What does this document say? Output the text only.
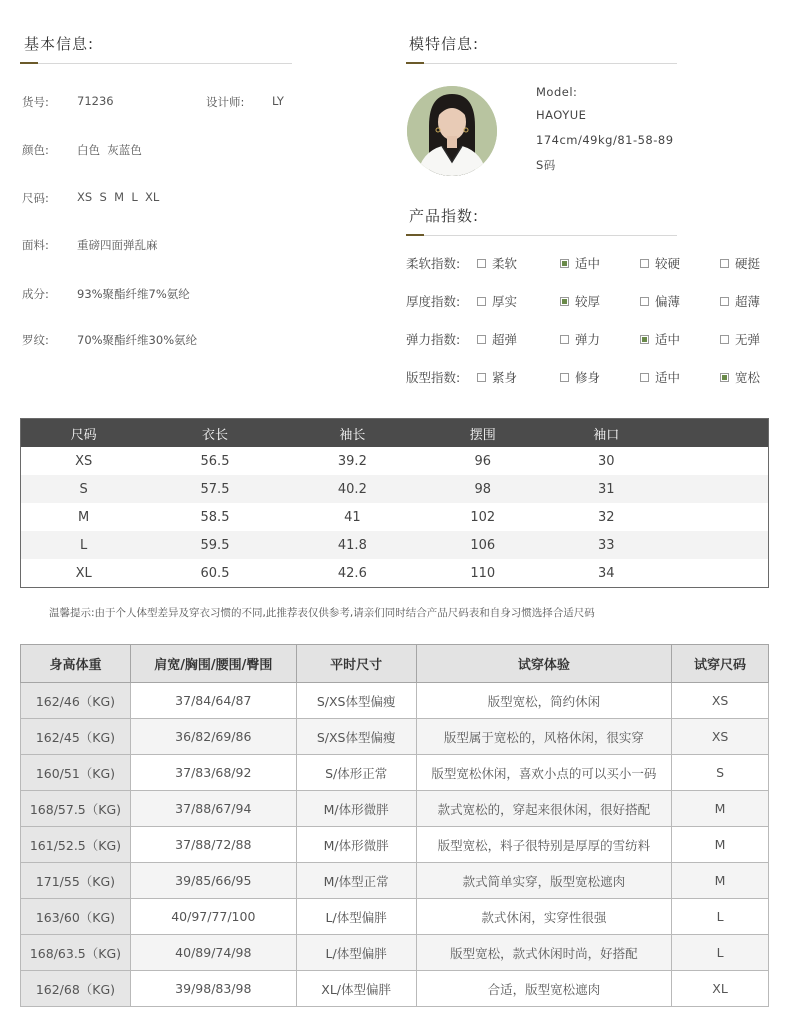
基本信息:
货号: 71236
颜色: 白色  灰蓝色
尺码: XS  S  M  L  XL
面料: 重磅四面弹乱麻
成分: 93%聚酯纤维7%氨纶
罗纹: 70%聚酯纤维30%氨纶
设计师: LY
模特信息:
Model:
HAOYUE
174cm/49kg/81-58-89
S码
产品指数:
柔软指数:	柔软	适中	较硬	硬挺
厚度指数:	厚实	较厚	偏薄	超薄
弹力指数:	超弹	弹力	适中	无弹
版型指数:	紧身	修身	适中	宽松
尺码	衣长	袖长	摆围	袖口	
XS	56.5	39.2	96	30	
S	57.5	40.2	98	31	
M	58.5	41	102	32	
L	59.5	41.8	106	33	
XL	60.5	42.6	110	34	
温馨提示:由于个人体型差异及穿衣习惯的不同,此推荐表仅供参考,请亲们同时结合产品尺码表和自身习惯选择合适尺码
身高体重	肩宽/胸围/腰围/臀围	平时尺寸	试穿体验	试穿尺码
162/46（KG)	37/84/64/87	S/XS体型偏瘦	版型宽松，简约休闲	XS
162/45（KG)	36/82/69/86	S/XS体型偏瘦	版型属于宽松的，风格休闲，很实穿	XS
160/51（KG)	37/83/68/92	S/体形正常	版型宽松休闲，喜欢小点的可以买小一码	S
168/57.5（KG)	37/88/67/94	M/体形微胖	款式宽松的，穿起来很休闲，很好搭配	M
161/52.5（KG)	37/88/72/88	M/体形微胖	版型宽松，料子很特别是厚厚的雪纺料	M
171/55（KG)	39/85/66/95	M/体型正常	款式简单实穿，版型宽松遮肉	M
163/60（KG)	40/97/77/100	L/体型偏胖	款式休闲，实穿性很强	L
168/63.5（KG)	40/89/74/98	L/体型偏胖	版型宽松，款式休闲时尚，好搭配	L
162/68（KG)	39/98/83/98	XL/体型偏胖	合适，版型宽松遮肉	XL
